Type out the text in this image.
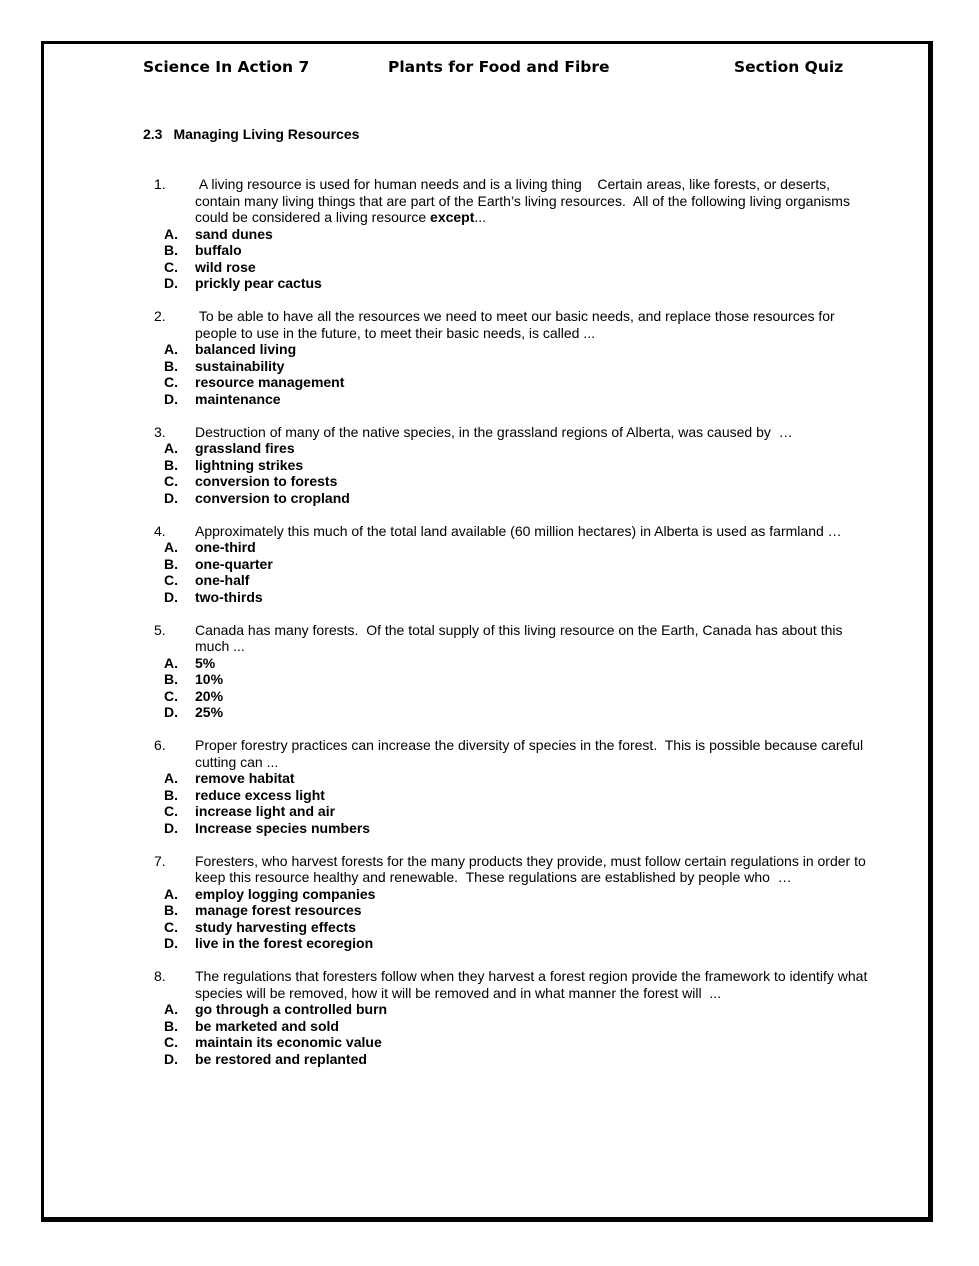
Science In Action 7	Plants for Food and Fibre	Section Quiz
2.3 Managing Living Resources
1. A living resource is used for human needs and is a living thing    Certain areas, like forests, or deserts, contain many living things that are part of the Earth’s living resources.  All of the following living organisms could be considered a living resource except...
A. sand dunes
B. buffalo
C. wild rose
D. prickly pear cactus
2. To be able to have all the resources we need to meet our basic needs, and replace those resources for people to use in the future, to meet their basic needs, is called ...
A. balanced living
B. sustainability
C. resource management
D. maintenance
3. Destruction of many of the native species, in the grassland regions of Alberta, was caused by  …
A. grassland fires
B. lightning strikes
C. conversion to forests
D. conversion to cropland
4. Approximately this much of the total land available (60 million hectares) in Alberta is used as farmland …
A. one-third
B. one-quarter
C. one-half
D. two-thirds
5. Canada has many forests.  Of the total supply of this living resource on the Earth, Canada has about this much ...
A. 5%
B. 10%
C. 20%
D. 25%
6. Proper forestry practices can increase the diversity of species in the forest.  This is possible because careful cutting can ...
A. remove habitat
B. reduce excess light
C. increase light and air
D. Increase species numbers
7. Foresters, who harvest forests for the many products they provide, must follow certain regulations in order to keep this resource healthy and renewable.  These regulations are established by people who  …
A. employ logging companies
B. manage forest resources
C. study harvesting effects
D. live in the forest ecoregion
8. The regulations that foresters follow when they harvest a forest region provide the framework to identify what species will be removed, how it will be removed and in what manner the forest will  ...
A. go through a controlled burn
B. be marketed and sold
C. maintain its economic value
D. be restored and replanted
